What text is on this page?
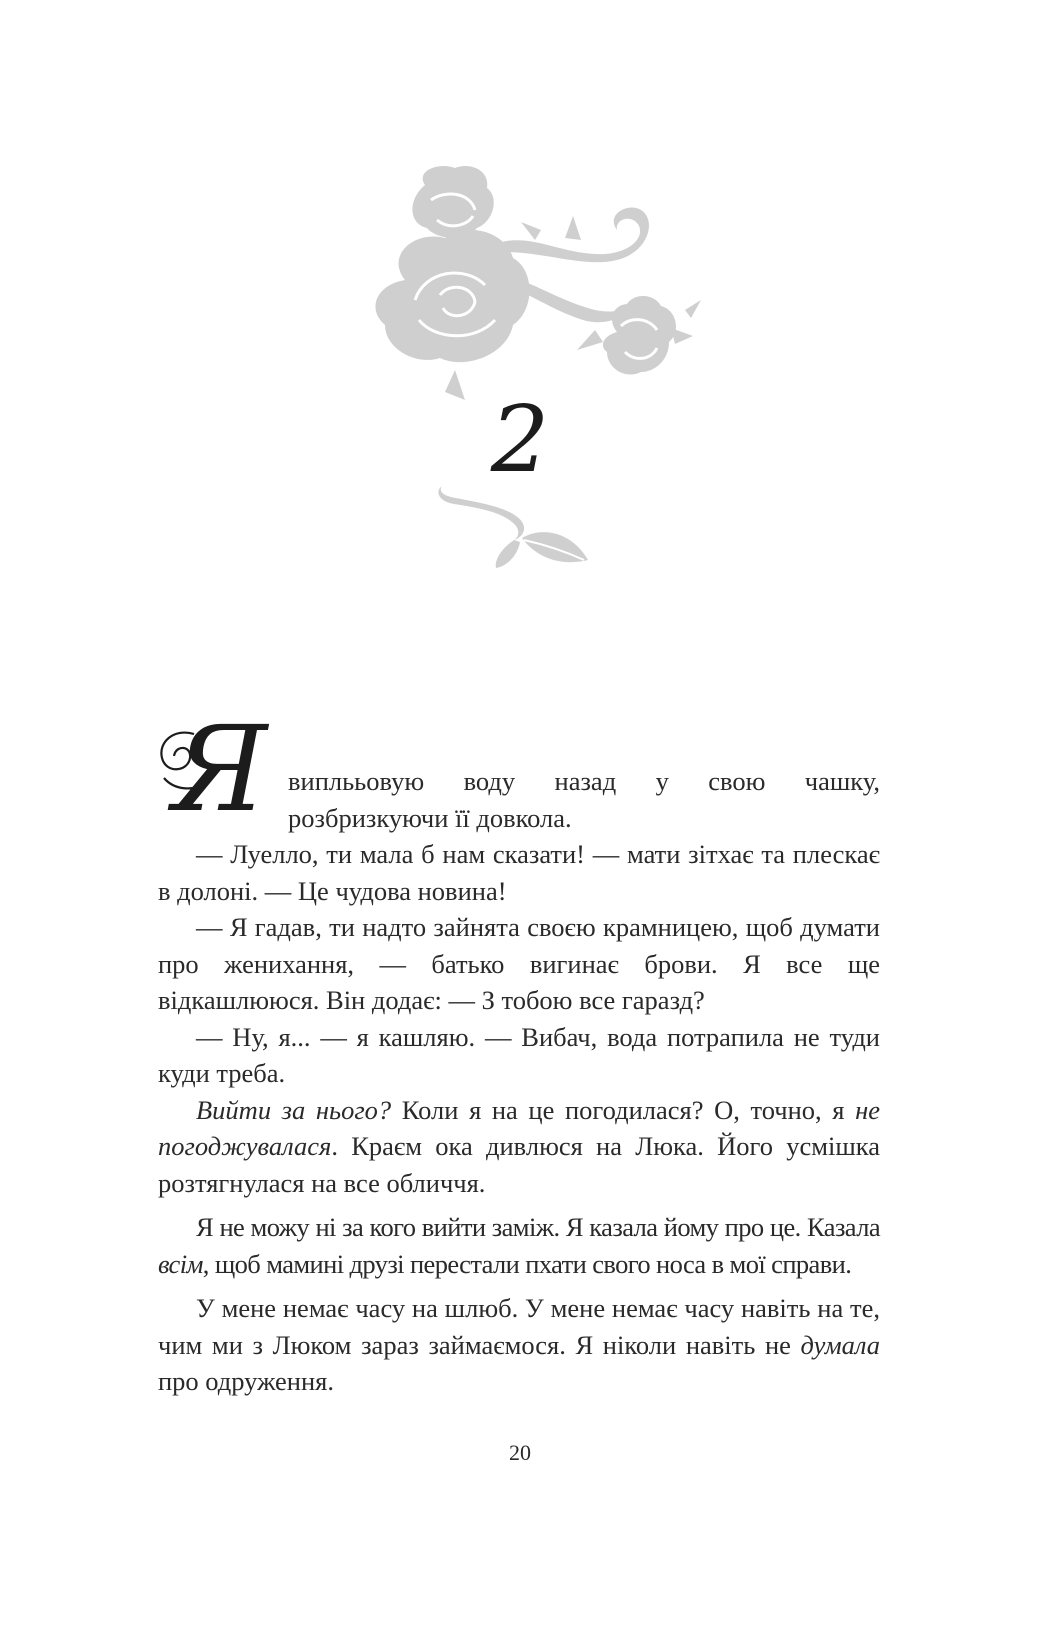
2

Я виплььовую воду назад у свою чашку, розбризкуючи її довкола.

— Луелло, ти мала б нам сказати! — мати зітхає та плескає в долоні. — Це чудова новина!

— Я гадав, ти надто зайнята своєю крамницею, щоб думати про женихання, — батько вигинає брови. Я все ще відкашлююся. Він додає: — З тобою все гаразд?

— Ну, я... — я кашляю. — Вибач, вода потрапила не туди куди треба.

Вийти за нього? Коли я на це погодилася? О, точно, я не погоджувалася. Краєм ока дивлюся на Люка. Його усмішка розтягнулася на все обличчя.

Я не можу ні за кого вийти заміж. Я казала йому про це. Казала всім, щоб мамині друзі перестали пхати свого носа в мої справи.

У мене немає часу на шлюб. У мене немає часу навіть на те, чим ми з Люком зараз займаємося. Я ніколи навіть не думала про одруження.

20
